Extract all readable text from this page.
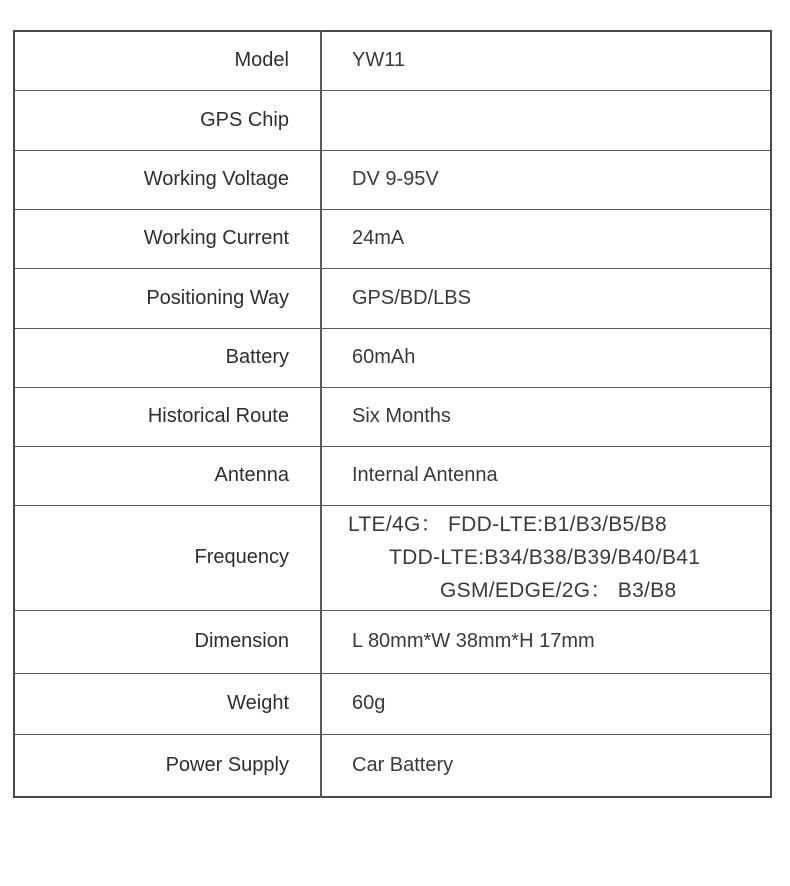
Model	YW11
GPS Chip	
Working Voltage	DV 9-95V
Working Current	24mA
Positioning Way	GPS/BD/LBS
Battery	60mAh
Historical Route	Six Months
Antenna	Internal Antenna
Frequency	LTE/4G： FDD-LTE:B1/B3/B5/B8
TDD-LTE:B34/B38/B39/B40/B41
GSM/EDGE/2G： B3/B8

Dimension	L 80mm*W 38mm*H 17mm
Weight	60g
Power Supply	Car Battery
